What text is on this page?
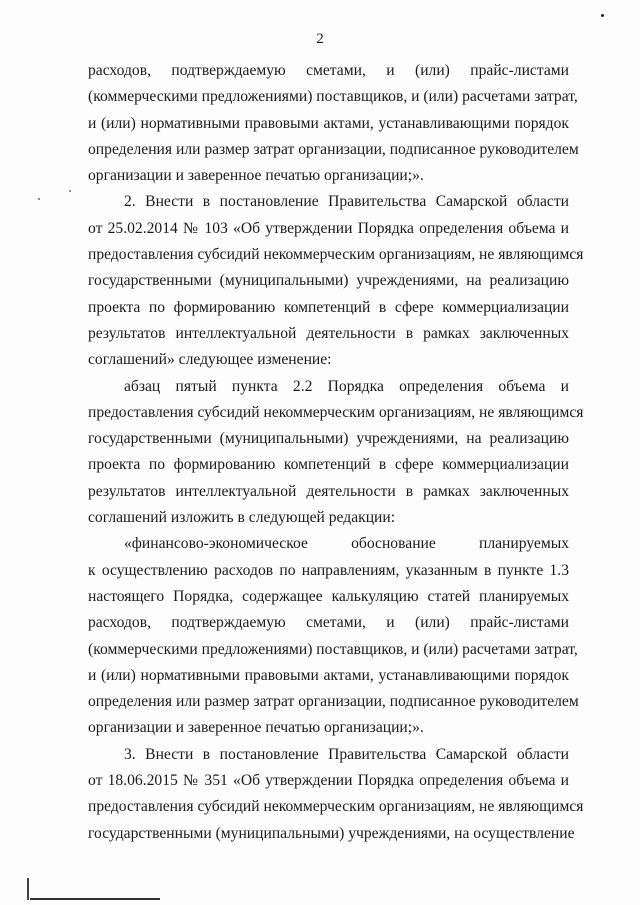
2
расходов, подтверждаемую сметами, и (или) прайс-листами
(коммерческими предложениями) поставщиков, и (или) расчетами затрат,
и (или) нормативными правовыми актами, устанавливающими порядок
определения или размер затрат организации, подписанное руководителем
организации и заверенное печатью организации;».
2. Внести в постановление Правительства Самарской области
от 25.02.2014 № 103 «Об утверждении Порядка определения объема и
предоставления субсидий некоммерческим организациям, не являющимся
государственными (муниципальными) учреждениями, на реализацию
проекта по формированию компетенций в сфере коммерциализации
результатов интеллектуальной деятельности в рамках заключенных
соглашений» следующее изменение:
абзац пятый пункта 2.2 Порядка определения объема и
предоставления субсидий некоммерческим организациям, не являющимся
государственными (муниципальными) учреждениями, на реализацию
проекта по формированию компетенций в сфере коммерциализации
результатов интеллектуальной деятельности в рамках заключенных
соглашений изложить в следующей редакции:
«финансово-экономическое обоснование планируемых
к осуществлению расходов по направлениям, указанным в пункте 1.3
настоящего Порядка, содержащее калькуляцию статей планируемых
расходов, подтверждаемую сметами, и (или) прайс-листами
(коммерческими предложениями) поставщиков, и (или) расчетами затрат,
и (или) нормативными правовыми актами, устанавливающими порядок
определения или размер затрат организации, подписанное руководителем
организации и заверенное печатью организации;».
3. Внести в постановление Правительства Самарской области
от 18.06.2015 № 351 «Об утверждении Порядка определения объема и
предоставления субсидий некоммерческим организациям, не являющимся
государственными (муниципальными) учреждениями, на осуществление
